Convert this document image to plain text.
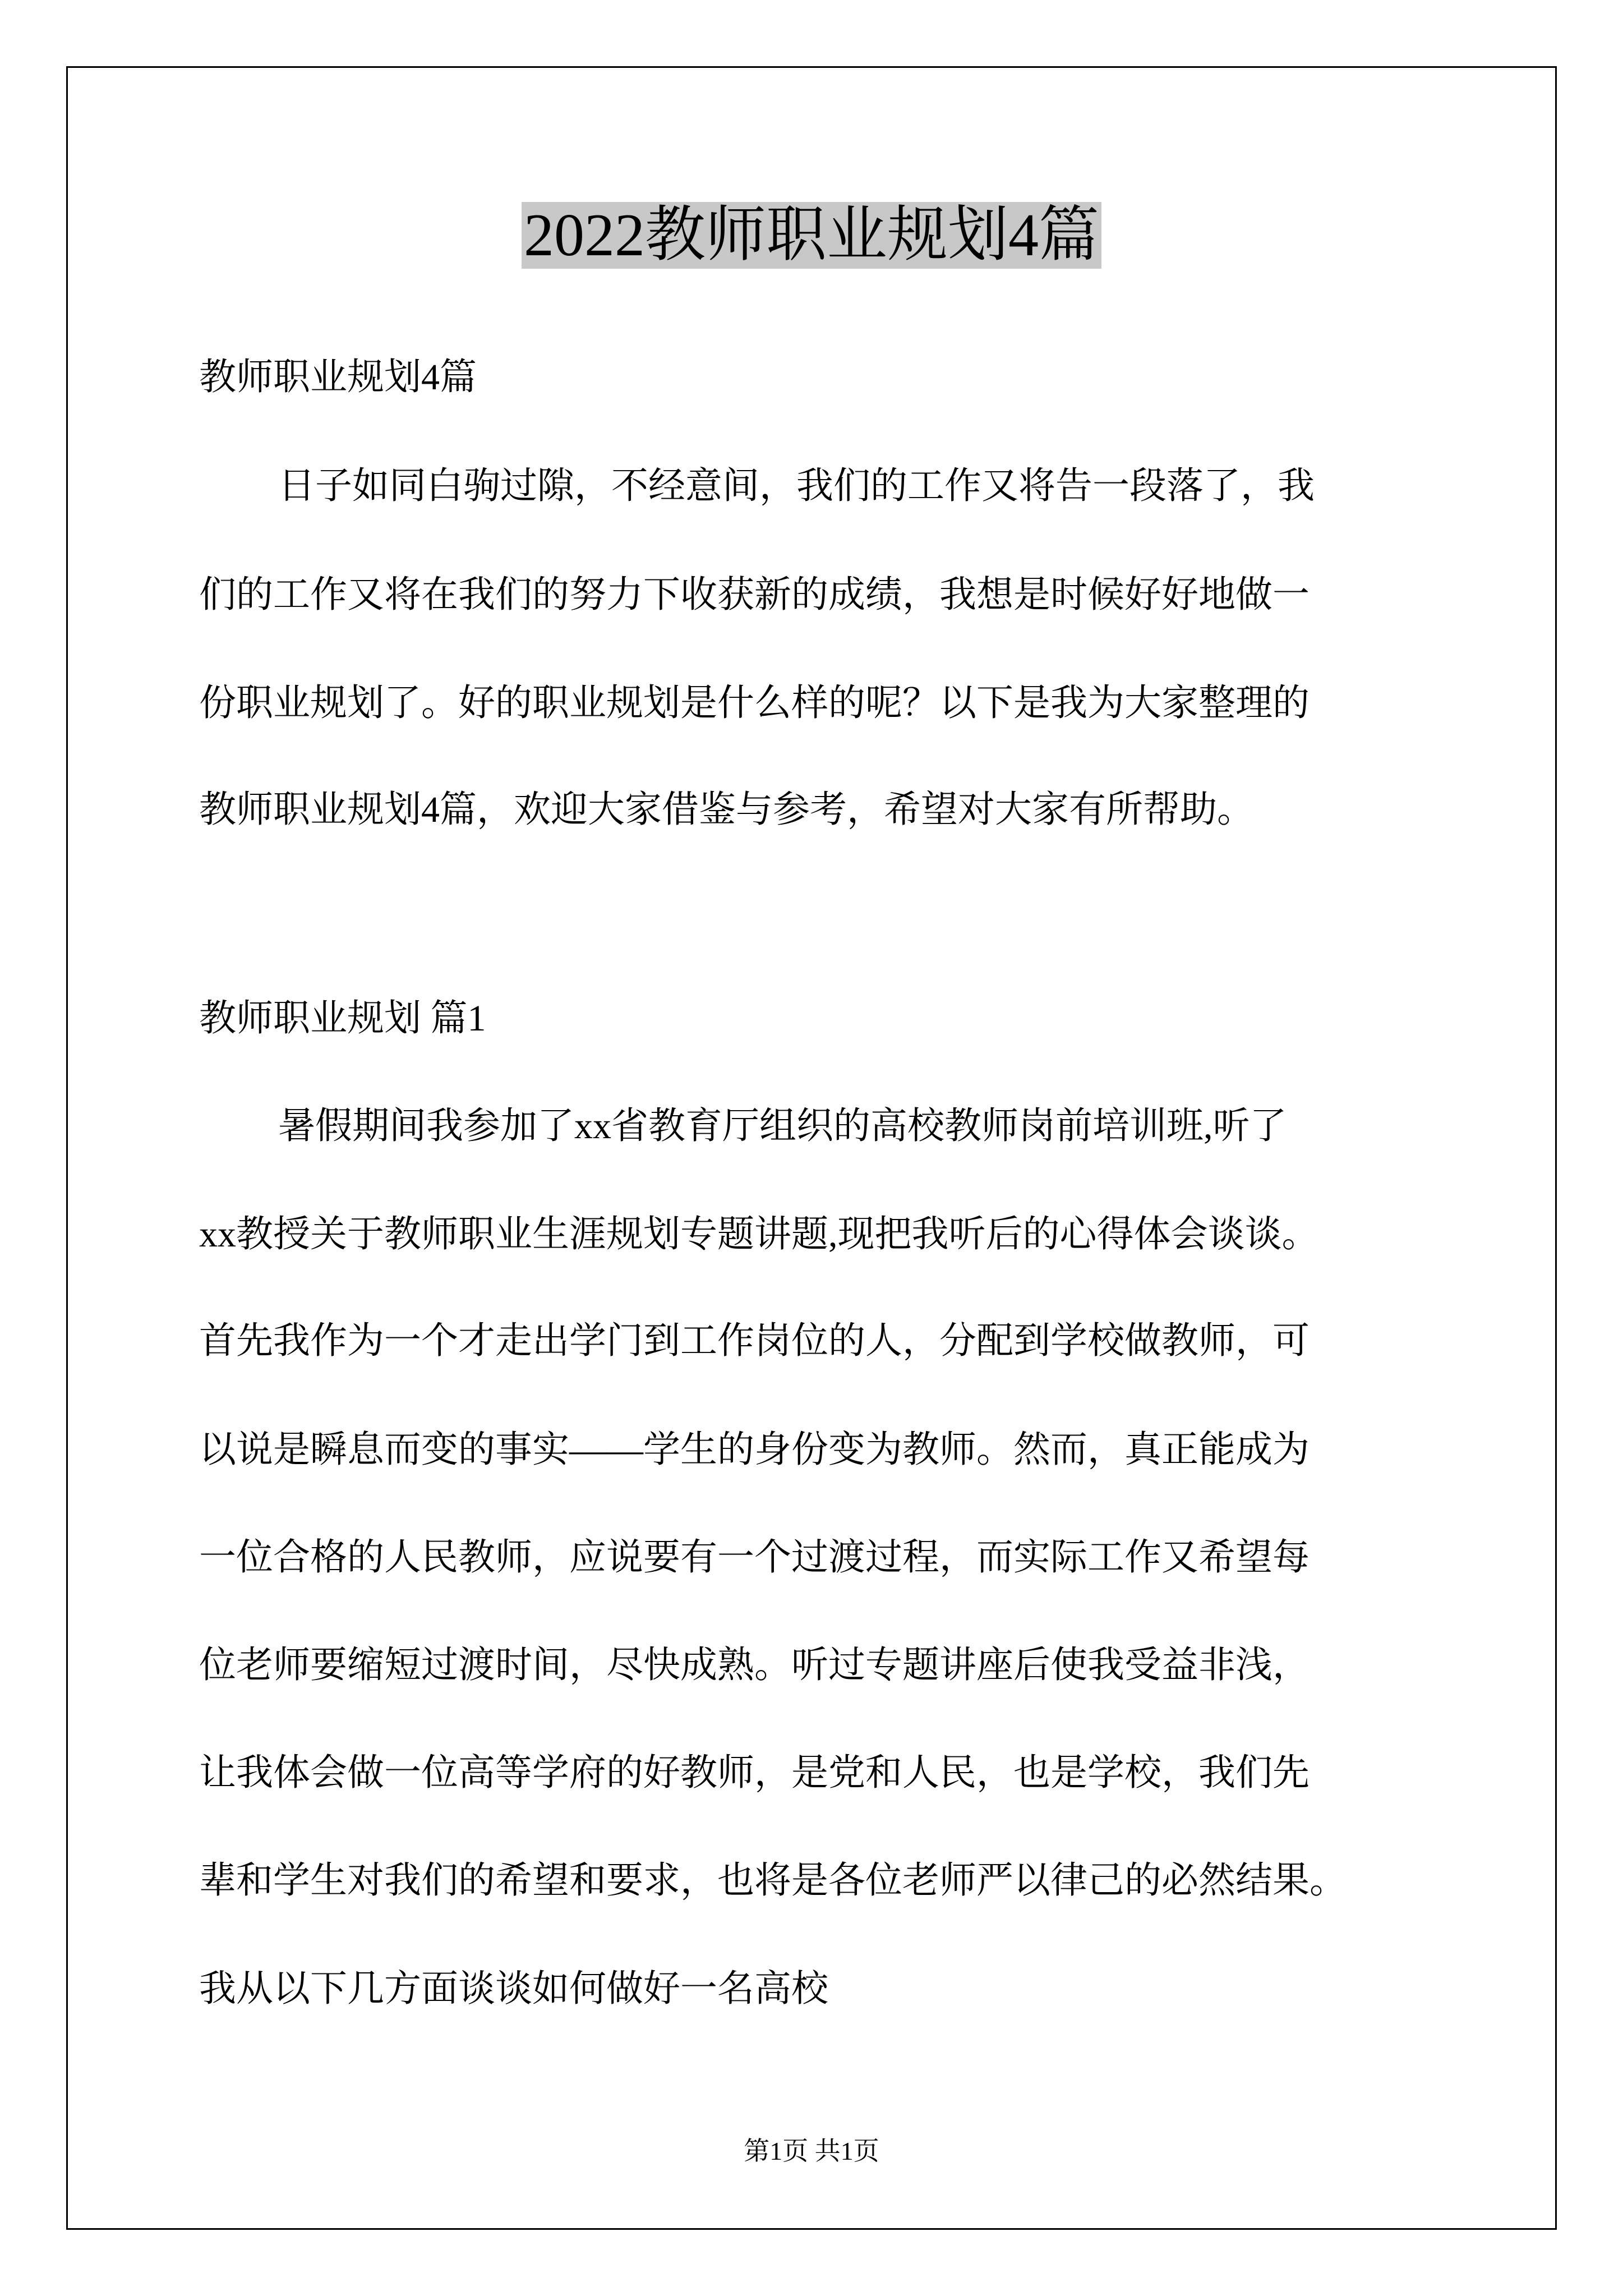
2022教师职业规划4篇
教师职业规划4篇
日子如同白驹过隙，不经意间，我们的工作又将告一段落了，我
们的工作又将在我们的努力下收获新的成绩，我想是时候好好地做一
份职业规划了。好的职业规划是什么样的呢？以下是我为大家整理的
教师职业规划4篇，欢迎大家借鉴与参考，希望对大家有所帮助。
教师职业规划 篇1
暑假期间我参加了xx省教育厅组织的高校教师岗前培训班,听了
xx教授关于教师职业生涯规划专题讲题,现把我听后的心得体会谈谈。
首先我作为一个才走出学门到工作岗位的人，分配到学校做教师，可
以说是瞬息而变的事实——学生的身份变为教师。然而，真正能成为
一位合格的人民教师，应说要有一个过渡过程，而实际工作又希望每
位老师要缩短过渡时间，尽快成熟。听过专题讲座后使我受益非浅，
让我体会做一位高等学府的好教师，是党和人民，也是学校，我们先
辈和学生对我们的希望和要求，也将是各位老师严以律己的必然结果。
我从以下几方面谈谈如何做好一名高校
第1页 共1页
